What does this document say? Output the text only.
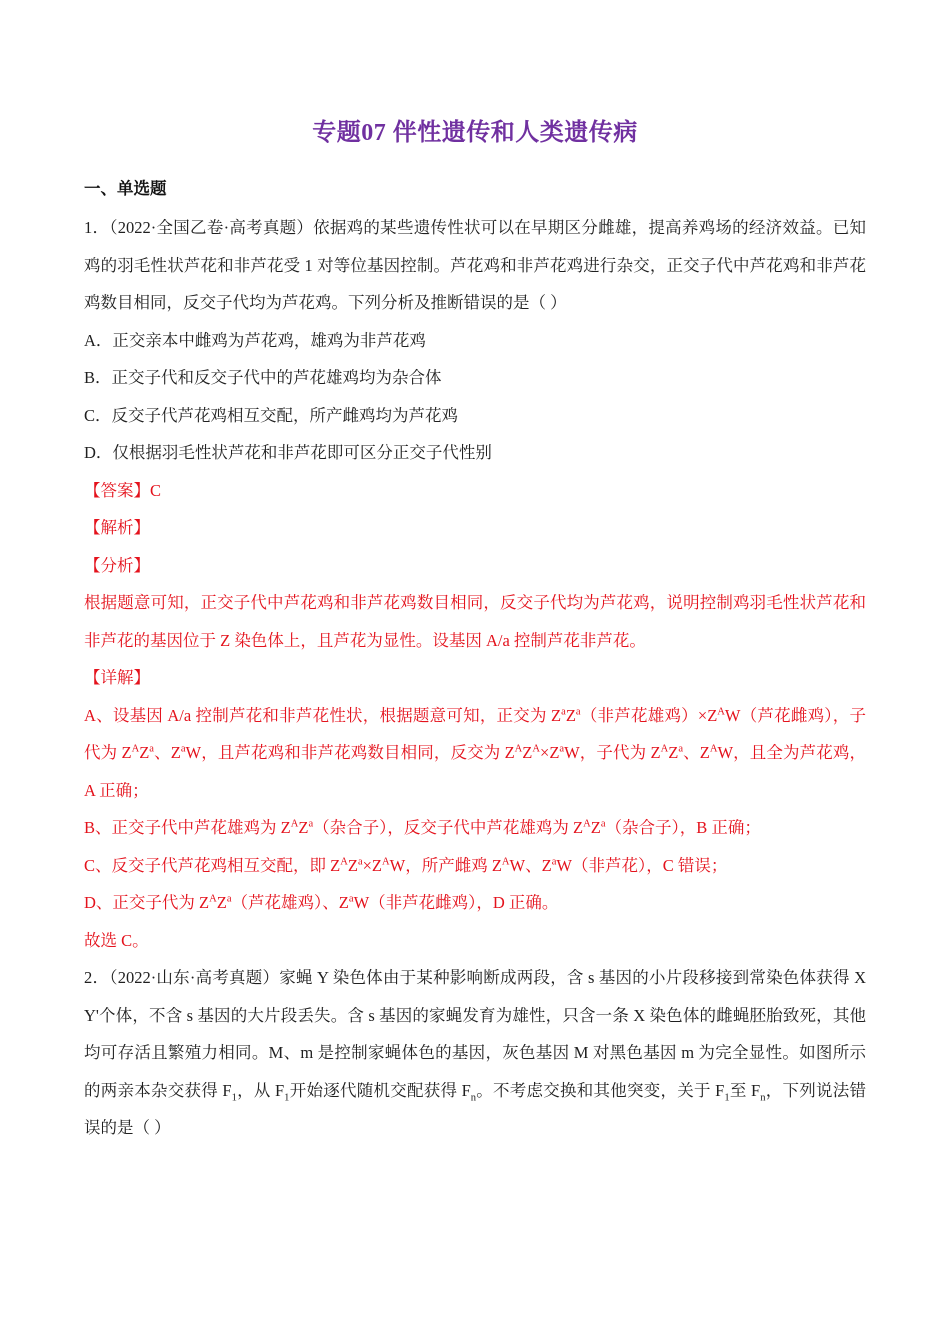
专题07 伴性遗传和人类遗传病
一、单选题

1．（2022·全国乙卷·高考真题）依据鸡的某些遗传性状可以在早期区分雌雄，提高养鸡场的经济效益。已知鸡的羽毛性状芦花和非芦花受 1 对等位基因控制。芦花鸡和非芦花鸡进行杂交，正交子代中芦花鸡和非芦花鸡数目相同，反交子代均为芦花鸡。下列分析及推断错误的是（ ）

A．正交亲本中雌鸡为芦花鸡，雄鸡为非芦花鸡

B．正交子代和反交子代中的芦花雄鸡均为杂合体

C．反交子代芦花鸡相互交配，所产雌鸡均为芦花鸡

D．仅根据羽毛性状芦花和非芦花即可区分正交子代性别

【答案】C

【解析】

【分析】

根据题意可知，正交子代中芦花鸡和非芦花鸡数目相同，反交子代均为芦花鸡，说明控制鸡羽毛性状芦花和非芦花的基因位于 Z 染色体上，且芦花为显性。设基因 A/a 控制芦花非芦花。

【详解】

A、设基因 A/a 控制芦花和非芦花性状，根据题意可知，正交为 $Z^aZ^a$（非芦花雄鸡）$\times Z^AW$（芦花雌鸡），子代为 $Z^AZ^a$、$Z^aW$，且芦花鸡和非芦花鸡数目相同，反交为 $Z^AZ^A\times Z^aW$，子代为 $Z^AZ^a$、$Z^AW$，且全为芦花鸡，A 正确；

B、正交子代中芦花雄鸡为 $Z^AZ^a$（杂合子），反交子代中芦花雄鸡为 $Z^AZ^a$（杂合子），B 正确；

C、反交子代芦花鸡相互交配，即 $Z^AZ^a\times Z^AW$，所产雌鸡 $Z^AW$、$Z^aW$（非芦花），C 错误；

D、正交子代为 $Z^AZ^a$（芦花雄鸡）、$Z^aW$（非芦花雌鸡），D 正确。

故选 C。

2．（2022·山东·高考真题）家蝇 Y 染色体由于某种影响断成两段，含 s 基因的小片段移接到常染色体获得 XY'个体，不含 s 基因的大片段丢失。含 s 基因的家蝇发育为雄性，只含一条 X 染色体的雌蝇胚胎致死，其他均可存活且繁殖力相同。M、m 是控制家蝇体色的基因，灰色基因 M 对黑色基因 m 为完全显性。如图所示的两亲本杂交获得 $F_1$，从 $F_1$开始逐代随机交配获得 $F_n$。不考虑交换和其他突变，关于 $F_1$至 $F_n$，下列说法错误的是（ ）
